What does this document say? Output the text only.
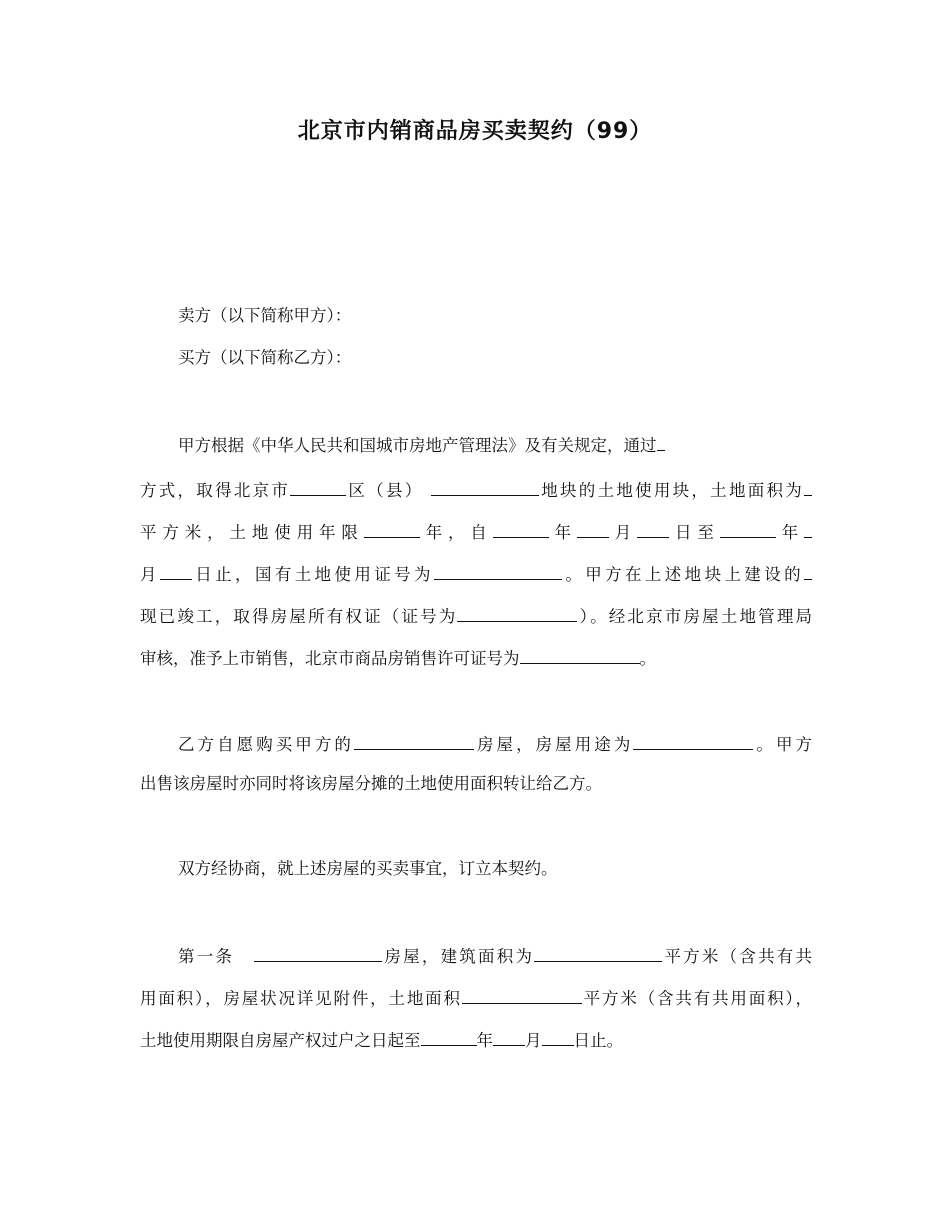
北京市内销商品房买卖契约（99）
卖方（以下简称甲方）：
买方（以下简称乙方）：
甲方根据《中华人民共和国城市房地产管理法》及有关规定，通过
方式，取得北京市	区（县）	地块的土地使用块，土地面积为
平方米，土地使用年限	年，自	年 月 日至	年
月 日止，国有土地使用证号为	。甲方在上述地块上建设的
现已竣工，取得房屋所有权证（证号为	）。经北京市房屋土地管理局
审核，准予上市销售，北京市商品房销售许可证号为	。
乙方自愿购买甲方的	房屋，房屋用途为	。甲方
出售该房屋时亦同时将该房屋分摊的土地使用面积转让给乙方。
双方经协商，就上述房屋的买卖事宜，订立本契约。
第一条	房屋，建筑面积为	平方米（含共有共
用面积），房屋状况详见附件，土地面积	平方米（含共有共用面积），
土地使用期限自房屋产权过户之日起至	年 月 日止。
